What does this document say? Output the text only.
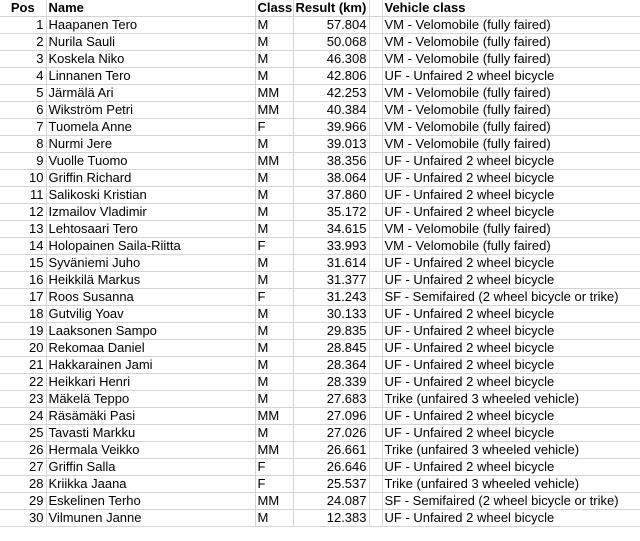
Pos	Name	Class	Result (km)		Vehicle class
1	Haapanen Tero	M	57.804		VM - Velomobile (fully faired)
2	Nurila Sauli	M	50.068		VM - Velomobile (fully faired)
3	Koskela Niko	M	46.308		VM - Velomobile (fully faired)
4	Linnanen Tero	M	42.806		UF - Unfaired 2 wheel bicycle
5	Järmälä Ari	MM	42.253		VM - Velomobile (fully faired)
6	Wikström Petri	MM	40.384		VM - Velomobile (fully faired)
7	Tuomela Anne	F	39.966		VM - Velomobile (fully faired)
8	Nurmi Jere	M	39.013		VM - Velomobile (fully faired)
9	Vuolle Tuomo	MM	38.356		UF - Unfaired 2 wheel bicycle
10	Griffin Richard	M	38.064		UF - Unfaired 2 wheel bicycle
11	Salikoski Kristian	M	37.860		UF - Unfaired 2 wheel bicycle
12	Izmailov Vladimir	M	35.172		UF - Unfaired 2 wheel bicycle
13	Lehtosaari Tero	M	34.615		VM - Velomobile (fully faired)
14	Holopainen Saila-Riitta	F	33.993		VM - Velomobile (fully faired)
15	Syväniemi Juho	M	31.614		UF - Unfaired 2 wheel bicycle
16	Heikkilä Markus	M	31.377		UF - Unfaired 2 wheel bicycle
17	Roos Susanna	F	31.243		SF - Semifaired (2 wheel bicycle or trike)
18	Gutvilig Yoav	M	30.133		UF - Unfaired 2 wheel bicycle
19	Laaksonen Sampo	M	29.835		UF - Unfaired 2 wheel bicycle
20	Rekomaa Daniel	M	28.845		UF - Unfaired 2 wheel bicycle
21	Hakkarainen Jami	M	28.364		UF - Unfaired 2 wheel bicycle
22	Heikkari Henri	M	28.339		UF - Unfaired 2 wheel bicycle
23	Mäkelä Teppo	M	27.683		Trike (unfaired 3 wheeled vehicle)
24	Räsämäki Pasi	MM	27.096		UF - Unfaired 2 wheel bicycle
25	Tavasti Markku	M	27.026		UF - Unfaired 2 wheel bicycle
26	Hermala Veikko	MM	26.661		Trike (unfaired 3 wheeled vehicle)
27	Griffin Salla	F	26.646		UF - Unfaired 2 wheel bicycle
28	Kriikka Jaana	F	25.537		Trike (unfaired 3 wheeled vehicle)
29	Eskelinen Terho	MM	24.087		SF - Semifaired (2 wheel bicycle or trike)
30	Vilmunen Janne	M	12.383		UF - Unfaired 2 wheel bicycle
